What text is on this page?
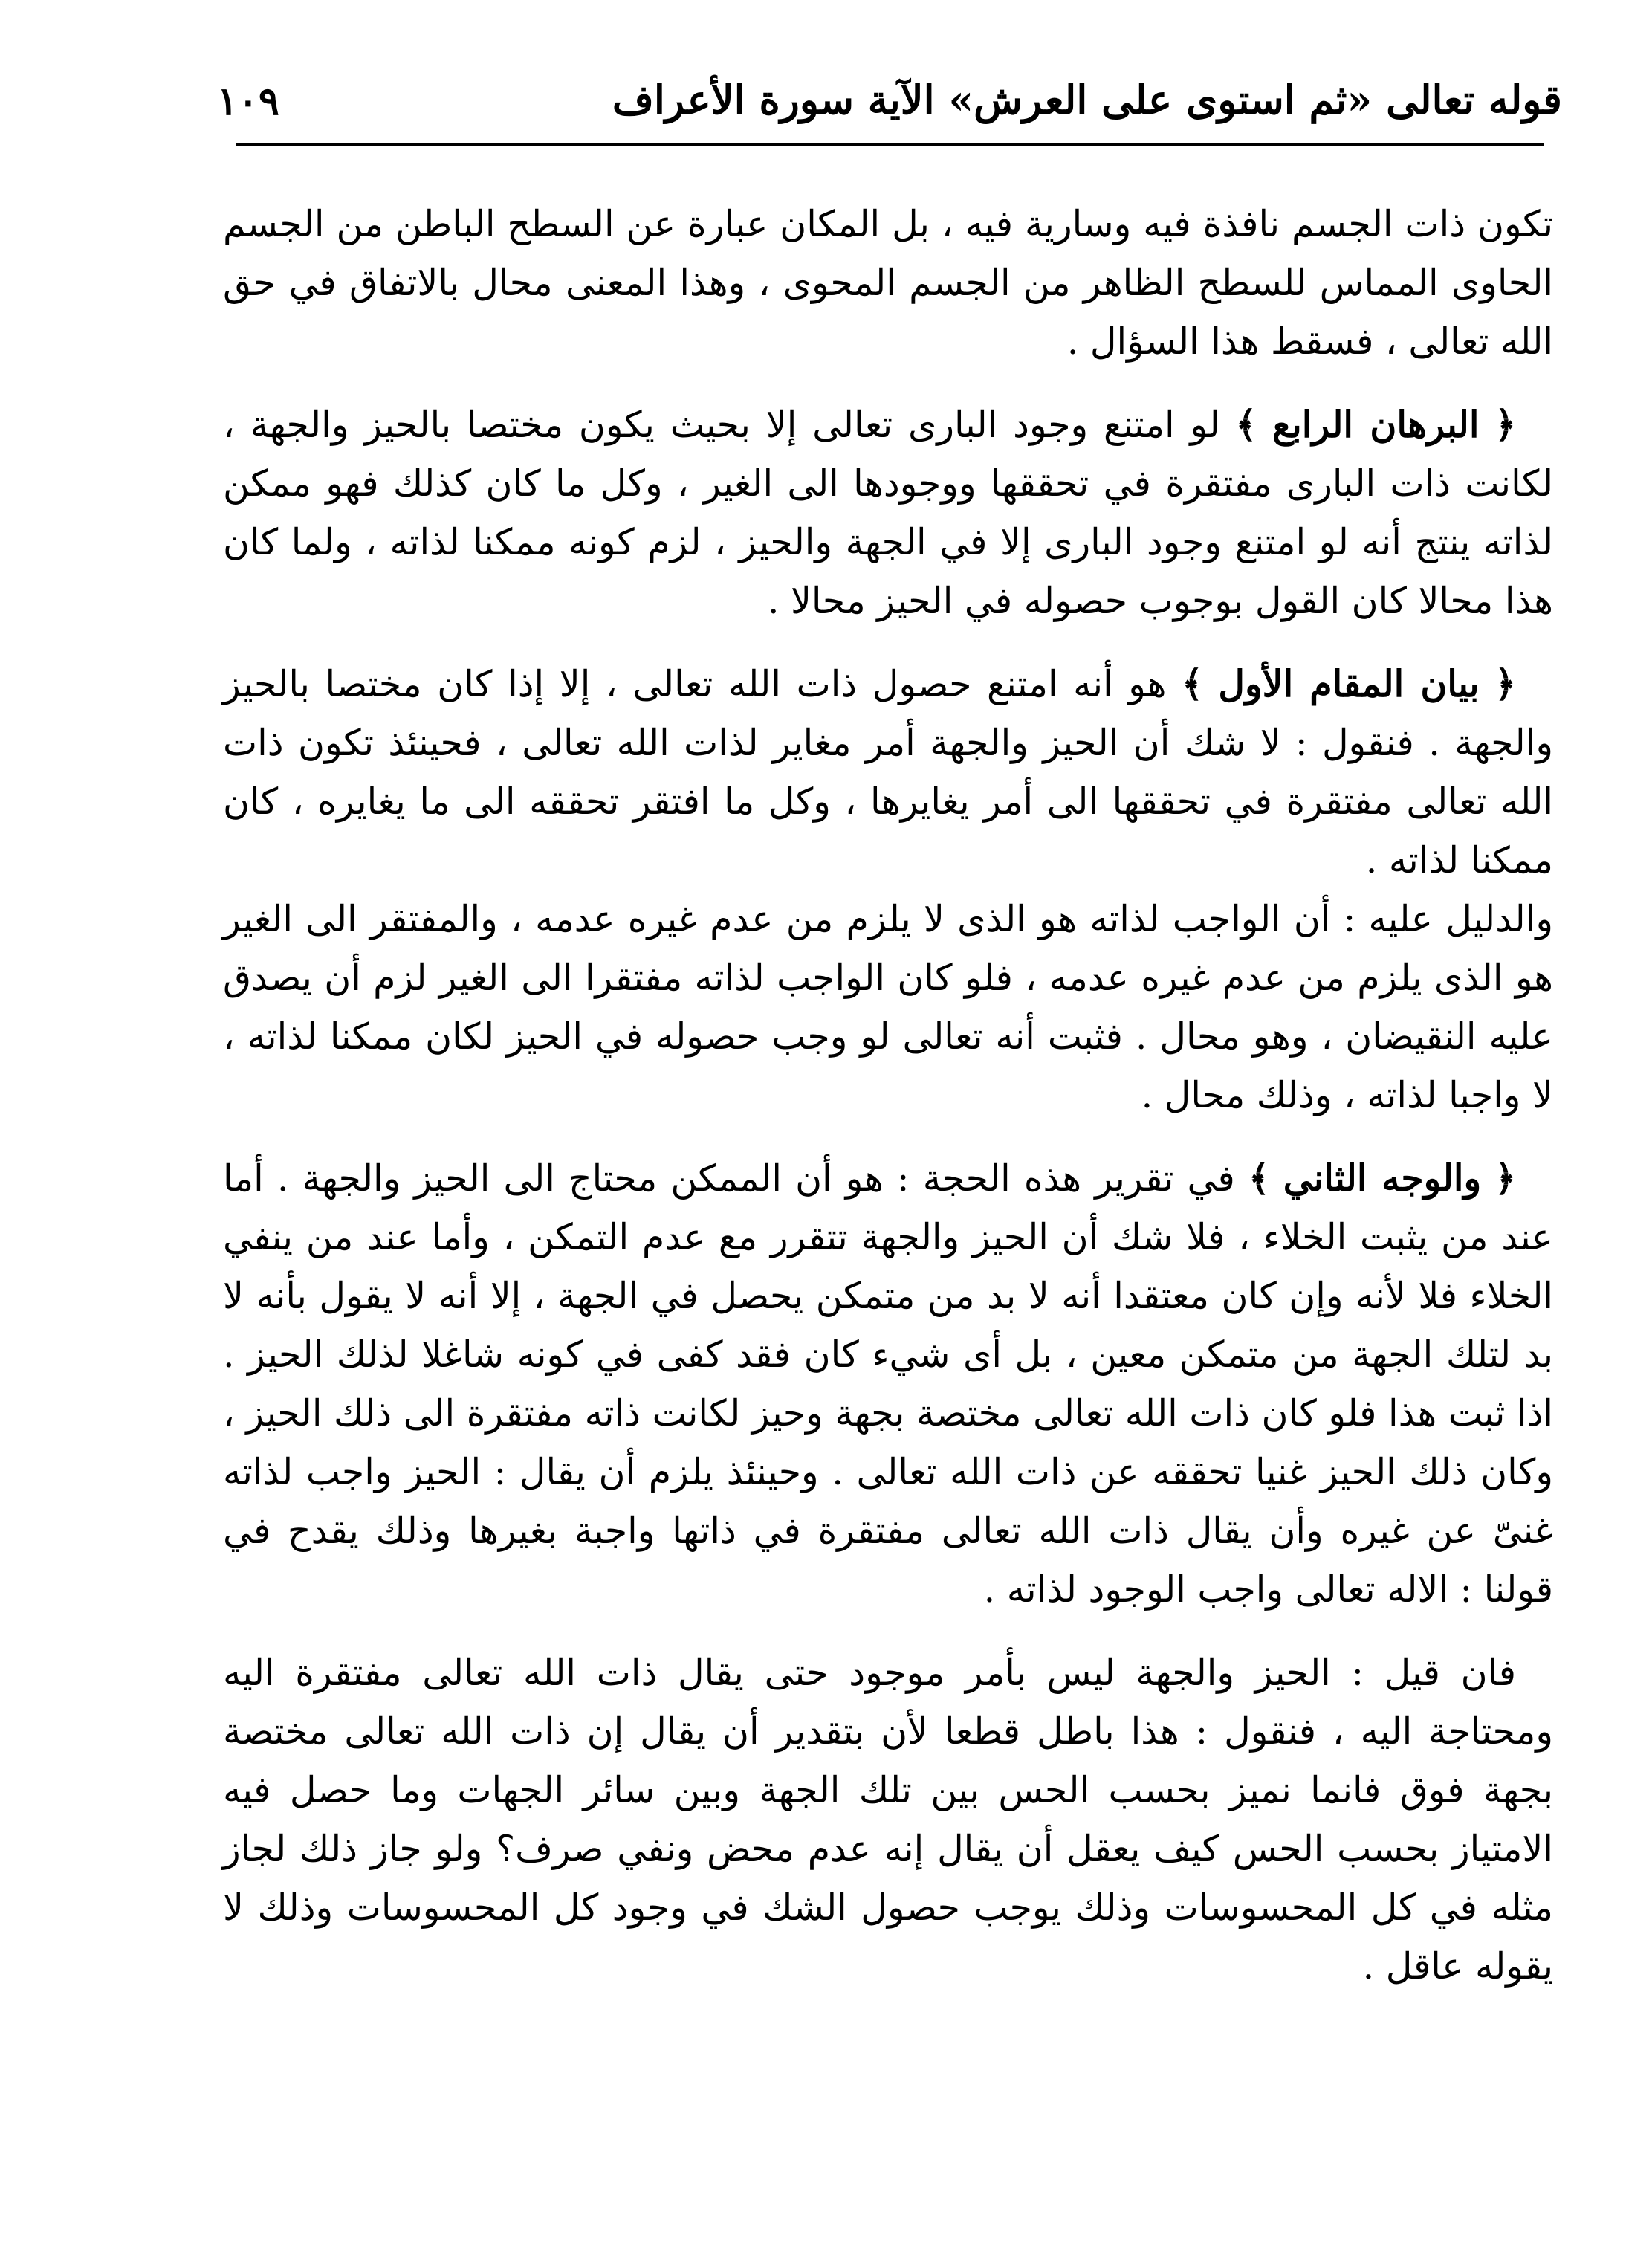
١٠٩	قوله تعالى «ثم استوى على العرش» الآية سورة الأعراف

تكون ذات الجسم نافذة فيه وسارية فيه ، بل المكان عبارة عن السطح الباطن من الجسم الحاوى المماس للسطح الظاهر من الجسم المحوى ، وهذا المعنى محال بالاتفاق في حق الله تعالى ، فسقط هذا السؤال .

﴿ البرهان الرابع ﴾ لو امتنع وجود البارى تعالى إلا بحيث يكون مختصا بالحيز والجهة ، لكانت ذات البارى مفتقرة في تحققها ووجودها الى الغير ، وكل ما كان كذلك فهو ممكن لذاته ينتج أنه لو امتنع وجود البارى إلا في الجهة والحيز ، لزم كونه ممكنا لذاته ، ولما كان هذا محالا كان القول بوجوب حصوله في الحيز محالا .

﴿ بيان المقام الأول ﴾ هو أنه امتنع حصول ذات الله تعالى ، إلا إذا كان مختصا بالحيز والجهة . فنقول : لا شك أن الحيز والجهة أمر مغاير لذات الله تعالى ، فحينئذ تكون ذات الله تعالى مفتقرة في تحققها الى أمر يغايرها ، وكل ما افتقر تحققه الى ما يغايره ، كان ممكنا لذاته .

والدليل عليه : أن الواجب لذاته هو الذى لا يلزم من عدم غيره عدمه ، والمفتقر الى الغير هو الذى يلزم من عدم غيره عدمه ، فلو كان الواجب لذاته مفتقرا الى الغير لزم أن يصدق عليه النقيضان ، وهو محال . فثبت أنه تعالى لو وجب حصوله في الحيز لكان ممكنا لذاته ، لا واجبا لذاته ، وذلك محال .

﴿ والوجه الثاني ﴾ في تقرير هذه الحجة : هو أن الممكن محتاج الى الحيز والجهة . أما عند من يثبت الخلاء ، فلا شك أن الحيز والجهة تتقرر مع عدم التمكن ، وأما عند من ينفي الخلاء فلا لأنه وإن كان معتقدا أنه لا بد من متمكن يحصل في الجهة ، إلا أنه لا يقول بأنه لا بد لتلك الجهة من متمكن معين ، بل أى شيء كان فقد كفى في كونه شاغلا لذلك الحيز . اذا ثبت هذا فلو كان ذات الله تعالى مختصة بجهة وحيز لكانت ذاته مفتقرة الى ذلك الحيز ، وكان ذلك الحيز غنيا تحققه عن ذات الله تعالى . وحينئذ يلزم أن يقال : الحيز واجب لذاته غنىّ عن غيره وأن يقال ذات الله تعالى مفتقرة في ذاتها واجبة بغيرها وذلك يقدح في قولنا : الاله تعالى واجب الوجود لذاته .

فان قيل : الحيز والجهة ليس بأمر موجود حتى يقال ذات الله تعالى مفتقرة اليه ومحتاجة اليه ، فنقول : هذا باطل قطعا لأن بتقدير أن يقال إن ذات الله تعالى مختصة بجهة فوق فانما نميز بحسب الحس بين تلك الجهة وبين سائر الجهات وما حصل فيه الامتياز بحسب الحس كيف يعقل أن يقال إنه عدم محض ونفي صرف؟ ولو جاز ذلك لجاز مثله في كل المحسوسات وذلك يوجب حصول الشك في وجود كل المحسوسات وذلك لا يقوله عاقل .
